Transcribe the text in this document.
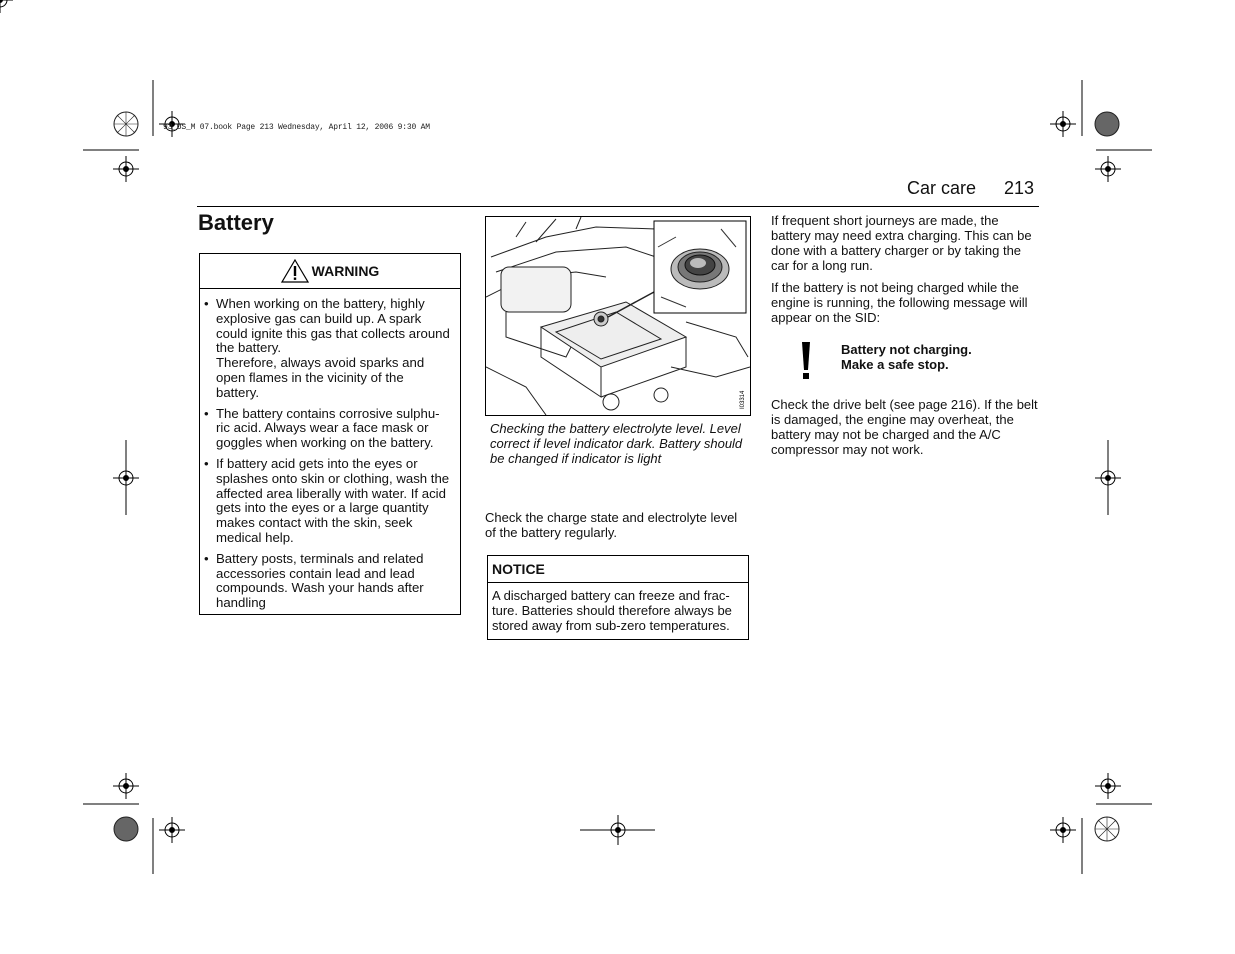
93_US_M 07.book Page 213 Wednesday, April 12, 2006 9:30 AM
Car care 213
Battery
WARNING
• When working on the battery, highly explosive gas can build up. A spark could ignite this gas that collects around the battery.
Therefore, always avoid sparks and open flames in the vicinity of the battery.
• The battery contains corrosive sulphu-ric acid. Always wear a face mask or goggles when working on the battery.
• If battery acid gets into the eyes or splashes onto skin or clothing, wash the affected area liberally with water. If acid gets into the eyes or a large quantity makes contact with the skin, seek medical help.
• Battery posts, terminals and related accessories contain lead and lead compounds. Wash your hands after handling
I03314
Checking the battery electrolyte level. Level correct if level indicator dark. Battery should be changed if indicator is light
Check the charge state and electrolyte level of the battery regularly.
NOTICE
A discharged battery can freeze and frac-ture. Batteries should therefore always be stored away from sub-zero temperatures.
If frequent short journeys are made, the battery may need extra charging. This can be done with a battery charger or by taking the car for a long run.
If the battery is not being charged while the engine is running, the following message will appear on the SID:
Battery not charging.
Make a safe stop.
Check the drive belt (see page 216). If the belt is damaged, the engine may overheat, the battery may not be charged and the A/C compressor may not work.
